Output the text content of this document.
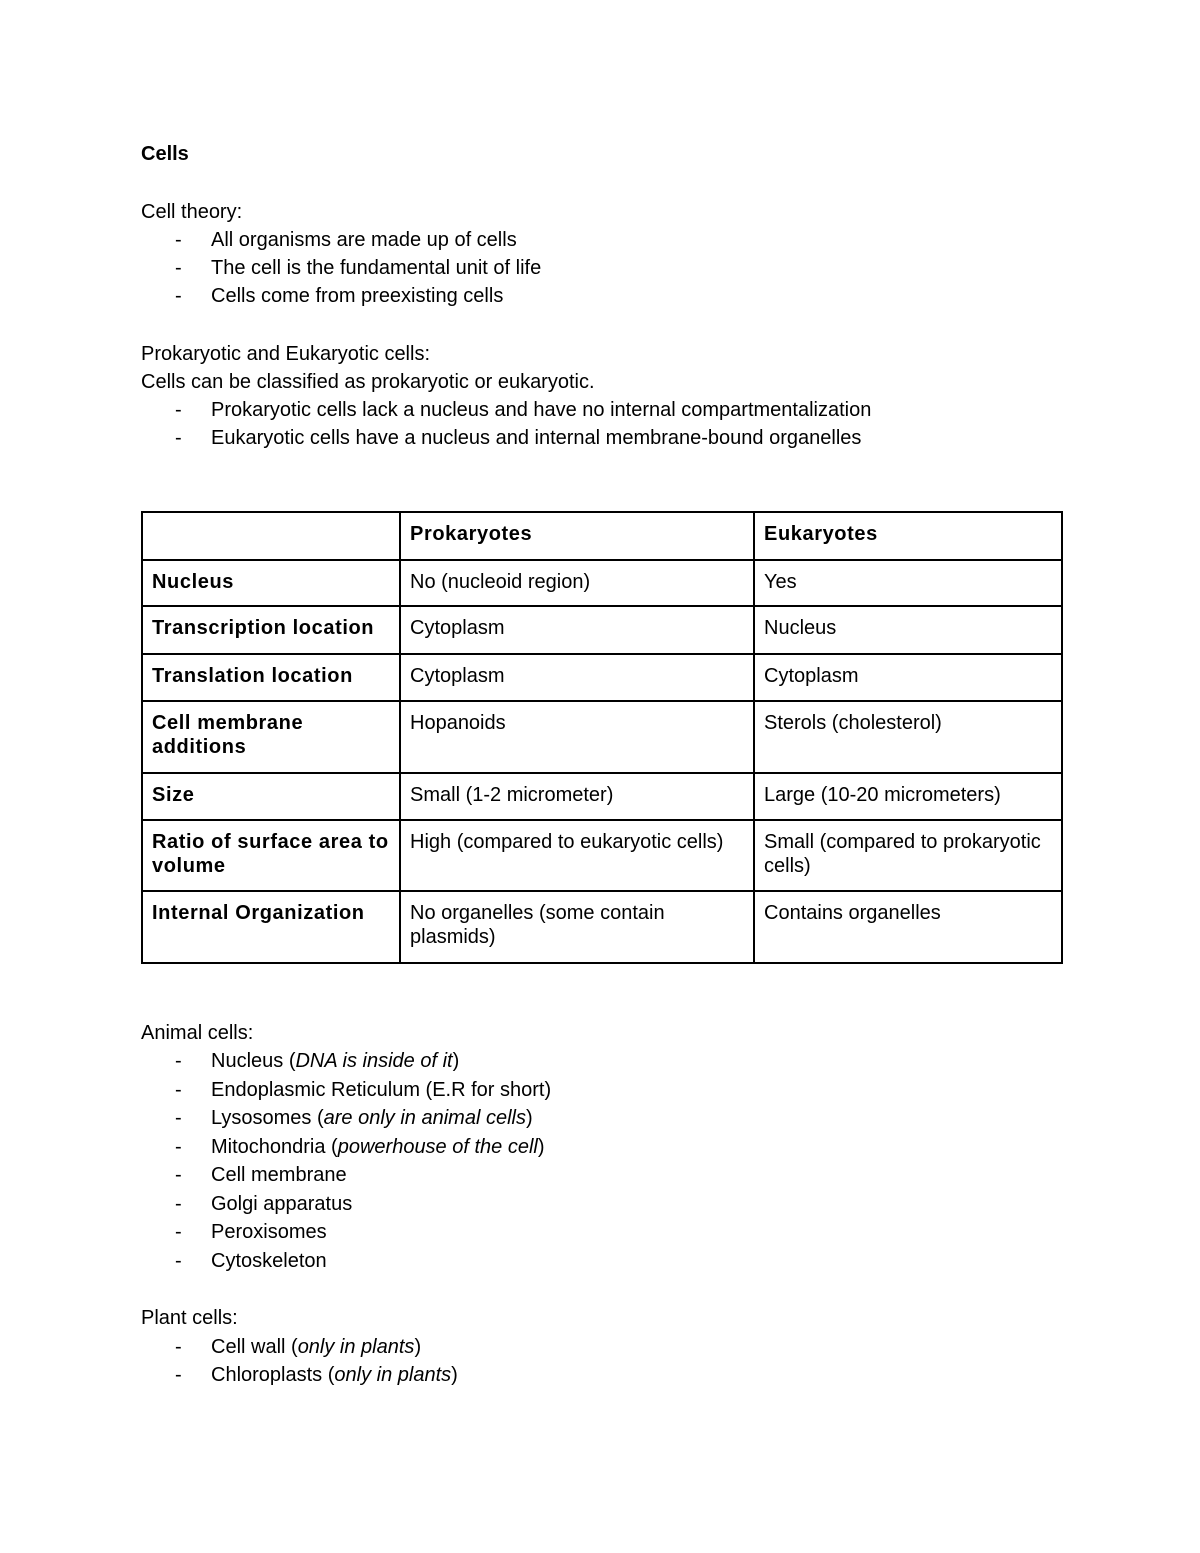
Cells
Cell theory:
- All organisms are made up of cells
- The cell is the fundamental unit of life
- Cells come from preexisting cells
Prokaryotic and Eukaryotic cells:
Cells can be classified as prokaryotic or eukaryotic.
- Prokaryotic cells lack a nucleus and have no internal compartmentalization
- Eukaryotic cells have a nucleus and internal membrane-bound organelles
	Prokaryotes	Eukaryotes
Nucleus	No (nucleoid region)	Yes
Transcription location	Cytoplasm	Nucleus
Translation location	Cytoplasm	Cytoplasm
Cell membrane additions	Hopanoids	Sterols (cholesterol)
Size	Small (1-2 micrometer)	Large (10-20 micrometers)
Ratio of surface area to volume	High (compared to eukaryotic cells)	Small (compared to prokaryotic cells)
Internal Organization	No organelles (some contain plasmids)	Contains organelles
Animal cells:
- Nucleus (DNA is inside of it)
- Endoplasmic Reticulum (E.R for short)
- Lysosomes (are only in animal cells)
- Mitochondria (powerhouse of the cell)
- Cell membrane
- Golgi apparatus
- Peroxisomes
- Cytoskeleton
Plant cells:
- Cell wall (only in plants)
- Chloroplasts (only in plants)
